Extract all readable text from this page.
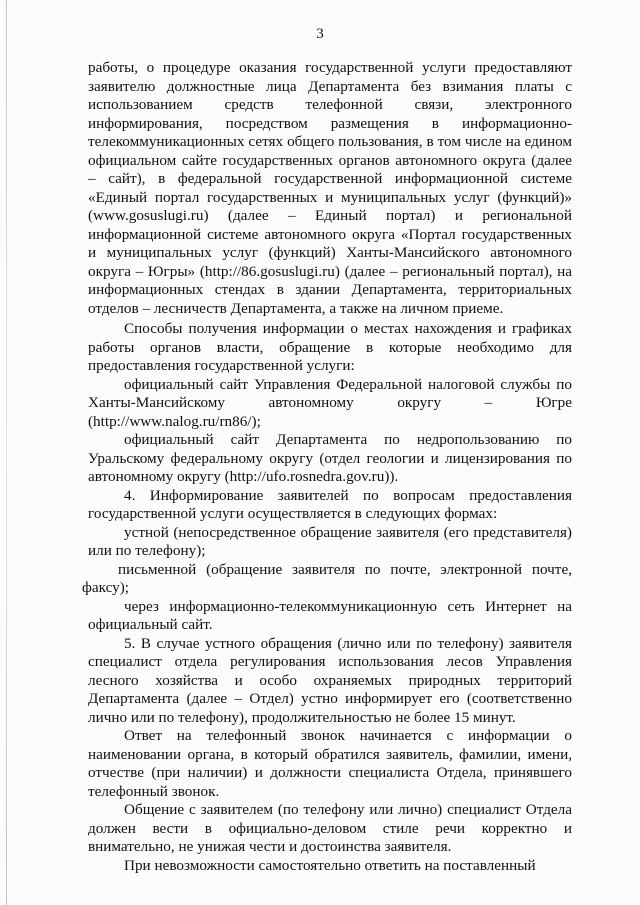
3

работы, о процедуре оказания государственной услуги предоставляют заявителю должностные лица Департамента без взимания платы с использованием средств телефонной связи, электронного информирования, посредством размещения в информационно-телекоммуникационных сетях общего пользования, в том числе на едином официальном сайте государственных органов автономного округа (далее – сайт), в федеральной государственной информационной системе «Единый портал государственных и муниципальных услуг (функций)» (www.gosuslugi.ru) (далее – Единый портал) и региональной информационной системе автономного округа «Портал государственных и муниципальных услуг (функций) Ханты-Мансийского автономного округа – Югры» (http://86.gosuslugi.ru) (далее – региональный портал), на информационных стендах в здании Департамента, территориальных отделов – лесничеств Департамента, а также на личном приеме.

Способы получения информации о местах нахождения и графиках работы органов власти, обращение в которые необходимо для предоставления государственной услуги:

официальный сайт Управления Федеральной налоговой службы по Ханты-Мансийскому автономному округу – Югре (http://www.nalog.ru/rn86/);

официальный сайт Департамента по недропользованию по Уральскому федеральному округу (отдел геологии и лицензирования по автономному округу (http://ufo.rosnedra.gov.ru)).

4. Информирование заявителей по вопросам предоставления государственной услуги осуществляется в следующих формах:

устной (непосредственное обращение заявителя (его представителя) или по телефону);

письменной (обращение заявителя по почте, электронной почте, факсу);

через информационно-телекоммуникационную сеть Интернет на официальный сайт.

5. В случае устного обращения (лично или по телефону) заявителя специалист отдела регулирования использования лесов Управления лесного хозяйства и особо охраняемых природных территорий Департамента (далее – Отдел) устно информирует его (соответственно лично или по телефону), продолжительностью не более 15 минут.

Ответ на телефонный звонок начинается с информации о наименовании органа, в который обратился заявитель, фамилии, имени, отчестве (при наличии) и должности специалиста Отдела, принявшего телефонный звонок.

Общение с заявителем (по телефону или лично) специалист Отдела должен вести в официально-деловом стиле речи корректно и внимательно, не унижая чести и достоинства заявителя.

При невозможности самостоятельно ответить на поставленный
